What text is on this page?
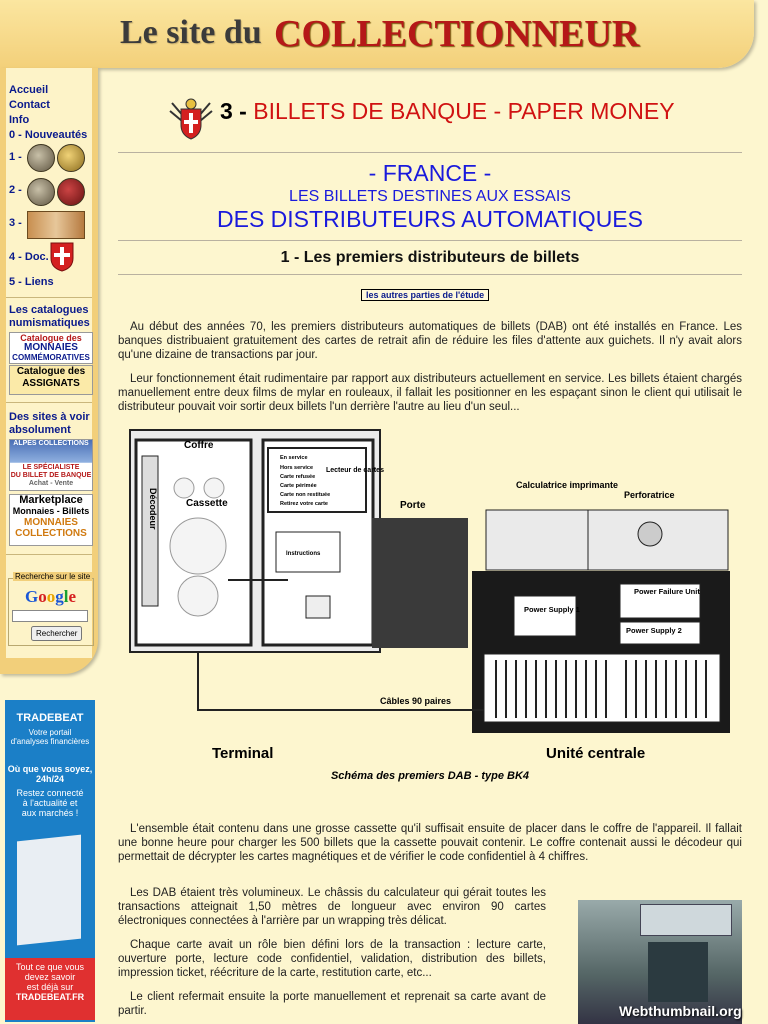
Le site du COLLECTIONNEUR
Accueil
Contact
Info
0 - Nouveautés
1 -
2 -
3 -
4 - Doc.
5 - Liens
Les catalogues numismatiques
Catalogue des
MONNAIES
COMMÉMORATIVES
Catalogue des
ASSIGNATS
Des sites à voir absolument
ALPES COLLECTIONS
LE SPÉCIALISTE
DU BILLET DE BANQUE
Achat - Vente
Marketplace
Monnaies - Billets
MONNAIES
COLLECTIONS
Recherche sur le site
Google
Rechercher
TRADEBEAT
Votre portail
d'analyses financières
Où que vous soyez,
24h/24
Restez connecté
à l'actualité et
aux marchés !
Tout ce que vous
devez savoir
est déjà sur
TRADEBEAT.FR
3 - BILLETS DE BANQUE - PAPER MONEY
- FRANCE -
LES BILLETS DESTINES AUX ESSAIS
DES DISTRIBUTEURS AUTOMATIQUES
1 - Les premiers distributeurs de billets
les autres parties de l'étude
Au début des années 70, les premiers distributeurs automatiques de billets (DAB) ont été installés en France. Les banques distribuaient gratuitement des cartes de retrait afin de réduire les files d'attente aux guichets. Il n'y avait alors qu'une dizaine de transactions par jour.
Leur fonctionnement était rudimentaire par rapport aux distributeurs actuellement en service. Les billets étaient chargés manuellement entre deux films de mylar en rouleaux, il fallait les positionner en les espaçant sinon le client qui utilisait le distributeur pouvait voir sortir deux billets l'un derrière l'autre au lieu d'un seul...
Coffre
Décodeur	Cassette
En service
Hors service
Carte refusée
Carte périmée
Carte non restituée
Retirez votre carte
Lecteur de cartes
Instructions
Porte
Calculatrice imprimante
Perforatrice
Power Supply 1
Power Failure Unit
Power Supply 2
Câbles 90 paires
Terminal	Unité centrale
Schéma des premiers DAB - type BK4
L'ensemble était contenu dans une grosse cassette qu'il suffisait ensuite de placer dans le coffre de l'appareil. Il fallait une bonne heure pour charger les 500 billets que la cassette pouvait contenir. Le coffre contenait aussi le décodeur qui permettait de décrypter les cartes magnétiques et de vérifier le code confidentiel à 4 chiffres.
Les DAB étaient très volumineux. Le châssis du calculateur qui gérait toutes les transactions atteignait 1,50 mètres de longueur avec environ 90 cartes électroniques connectées à l'arrière par un wrapping très délicat.
Chaque carte avait un rôle bien défini lors de la transaction : lecture carte, ouverture porte, lecture code confidentiel, validation, distribution des billets, impression ticket, réécriture de la carte, restitution carte, etc...
Le client refermait ensuite la porte manuellement et reprenait sa carte avant de partir.	Webthumbnail.org
